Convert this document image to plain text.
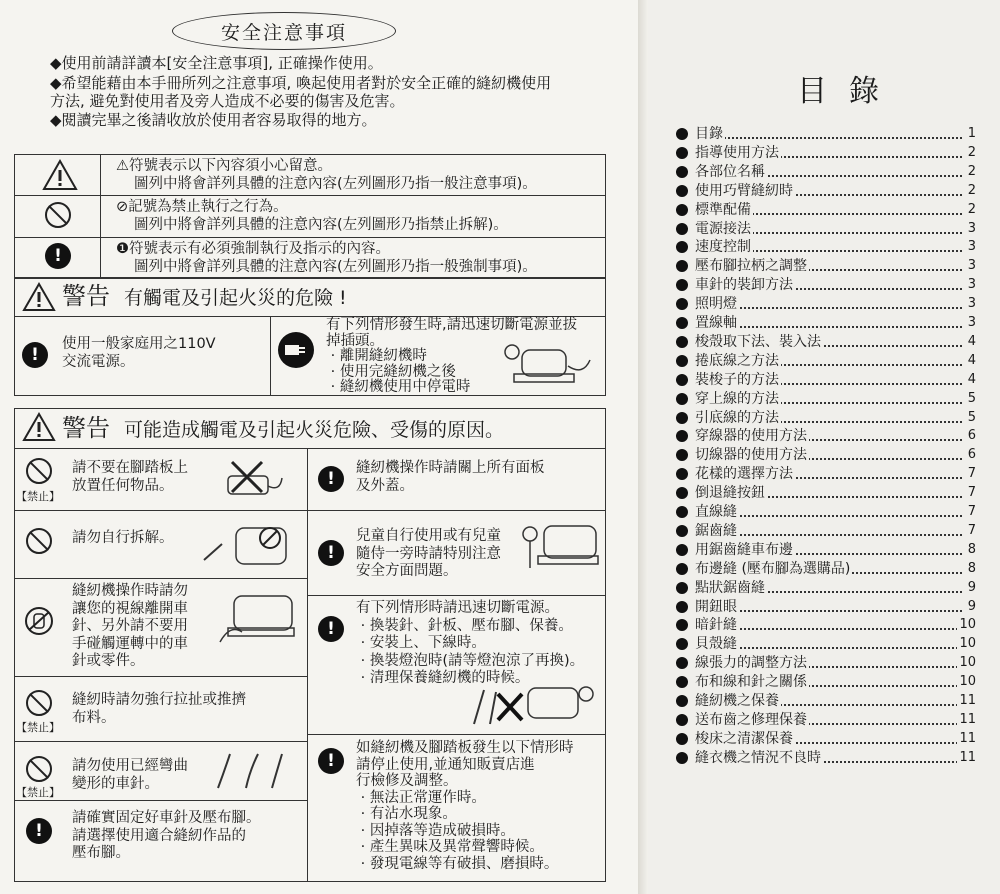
安全注意事項
◆使用前請詳讀本[安全注意事項], 正確操作使用。
◆希望能藉由本手冊所列之注意事項, 喚起使用者對於安全正確的縫紉機使用
方法, 避免對使用者及旁人造成不必要的傷害及危害。
◆閱讀完畢之後請收放於使用者容易取得的地方。
!
⚠符號表示以下內容須小心留意。
圖列中將會詳列具體的注意內容(左列圖形乃指一般注意事項)。
⊘記號為禁止執行之行為。
圖列中將會詳列具體的注意內容(左列圖形乃指禁止拆解)。
❶符號表示有必須強制執行及指示的內容。
圖列中將會詳列具體的注意內容(左列圖形乃指一般強制事項)。
警告 有觸電及引起火災的危險 !
!
使用一般家庭用之110V
交流電源。
有下列情形發生時,請迅速切斷電源並拔
掉插頭。
· 離開縫紉機時
· 使用完縫紉機之後
· 縫紉機使用中停電時
警告 可能造成觸電及引起火災危險、受傷的原因。
【禁止】
請不要在腳踏板上
放置任何物品。
請勿自行拆解。
縫紉機操作時請勿
讓您的視線離開車
針、另外請不要用
手碰觸運轉中的車
針或零件。
【禁止】
縫紉時請勿強行拉扯或推擠
布料。
【禁止】
請勿使用已經彎曲
變形的車針。
!
請確實固定好車針及壓布腳。
請選擇使用適合縫紉作品的
壓布腳。
!
縫紉機操作時請關上所有面板
及外蓋。
!
兒童自行使用或有兒童
隨侍一旁時請特別注意
安全方面問題。
!
有下列情形時請迅速切斷電源。
· 換裝針、針板、壓布腳、保養。
· 安裝上、下線時。
· 換裝燈泡時(請等燈泡涼了再換)。
· 清理保養縫紉機的時候。
!
如縫紉機及腳踏板發生以下情形時
請停止使用,並通知販賣店進
行檢修及調整。
· 無法正常運作時。
· 有沾水現象。
· 因掉落等造成破損時。
· 產生異味及異常聲響時候。
· 發現電線等有破損、磨損時。
目錄
目錄	1
指導使用方法	2
各部位名稱	2
使用巧臂縫紉時	2
標準配備	2
電源接法	3
速度控制	3
壓布腳拉柄之調整	3
車針的裝卸方法	3
照明燈	3
置線軸	3
梭殼取下法、裝入法	4
捲底線之方法	4
裝梭子的方法	4
穿上線的方法	5
引底線的方法	5
穿線器的使用方法	6
切線器的使用方法	6
花樣的選擇方法	7
倒退縫按鈕	7
直線縫	7
鋸齒縫	7
用鋸齒縫車布邊	8
布邊縫 (壓布腳為選購品)	8
點狀鋸齒縫	9
開鈕眼	9
暗針縫	10
貝殼縫	10
線張力的調整方法	10
布和線和針之關係	10
縫紉機之保養	11
送布齒之修理保養	11
梭床之清潔保養	11
縫衣機之情況不良時	11
